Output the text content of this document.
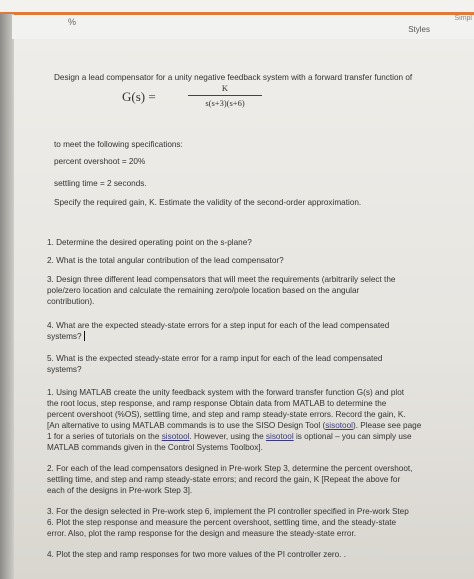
%
Styles
Simpl
Design a lead compensator for a unity negative feedback system with a forward transfer function of
G(s) =
K
s(s+3)(s+6)
to meet the following specifications:
percent overshoot = 20%
settling time = 2 seconds.
Specify the required gain, K. Estimate the validity of the second-order approximation.
1. Determine the desired operating point on the s-plane?
2. What is the total angular contribution of the lead compensator?
3. Design three different lead compensators that will meet the requirements (arbitrarily select the
pole/zero location and calculate the remaining zero/pole location based on the angular
contribution).
4. What are the expected steady-state errors for a step input for each of the lead compensated
systems?
5. What is the expected steady-state error for a ramp input for each of the lead compensated
systems?
1. Using MATLAB create the unity feedback system with the forward transfer function G(s) and plot
the root locus, step response, and ramp response Obtain data from MATLAB to determine the
percent overshoot (%OS), settling time, and step and ramp steady-state errors. Record the gain, K.
[An alternative to using MATLAB commands is to use the SISO Design Tool (sisotool). Please see page
1 for a series of tutorials on the sisotool. However, using the sisotool is optional – you can simply use
MATLAB commands given in the Control Systems Toolbox].
2. For each of the lead compensators designed in Pre-work Step 3, determine the percent overshoot,
settling time, and step and ramp steady-state errors; and record the gain, K [Repeat the above for
each of the designs in Pre-work Step 3].
3. For the design selected in Pre-work step 6, implement the PI controller specified in Pre-work Step
6. Plot the step response and measure the percent overshoot, settling time, and the steady-state
error. Also, plot the ramp response for the design and measure the steady-state error.
4. Plot the step and ramp responses for two more values of the PI controller zero. .
